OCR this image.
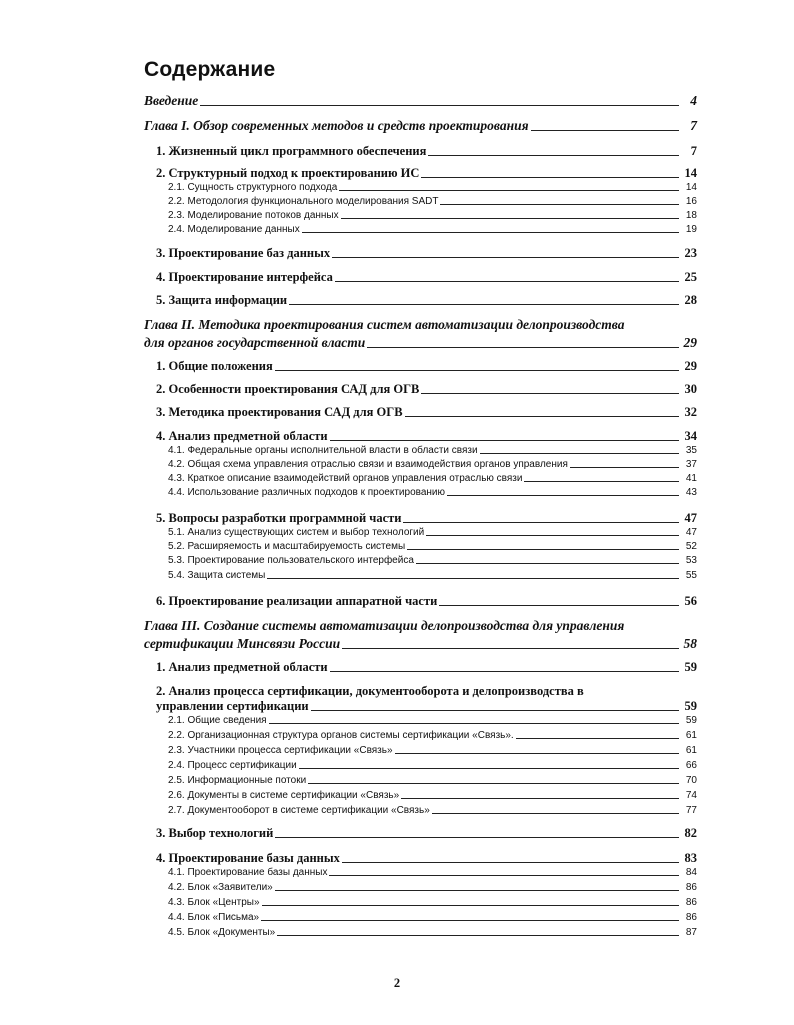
Содержание
Введение	4
Глава I. Обзор современных методов и средств проектирования	7
1. Жизненный цикл программного обеспечения	7
2. Структурный подход к проектированию ИС	14
2.1. Сущность структурного подхода	14
2.2. Методология функционального моделирования SADT	16
2.3. Моделирование потоков данных	18
2.4. Моделирование данных	19
3. Проектирование баз данных	23
4. Проектирование интерфейса	25
5. Защита информации	28
Глава II. Методика проектирования систем автоматизации делопроизводства
для органов государственной власти	29
1. Общие положения	29
2. Особенности проектирования САД для ОГВ	30
3. Методика проектирования САД для ОГВ	32
4. Анализ предметной области	34
4.1. Федеральные органы исполнительной власти в области связи	35
4.2. Общая схема управления отраслью связи и взаимодействия органов управления	37
4.3. Краткое описание взаимодействий органов управления отраслью связи	41
4.4. Использование различных подходов к проектированию	43
5. Вопросы разработки программной части	47
5.1. Анализ существующих систем и выбор технологий	47
5.2. Расширяемость и масштабируемость системы	52
5.3. Проектирование пользовательского интерфейса	53
5.4. Защита системы	55
6. Проектирование реализации аппаратной части	56
Глава III. Создание системы автоматизации делопроизводства для управления
сертификации Минсвязи России	58
1. Анализ предметной области	59
2. Анализ процесса сертификации, документооборота и делопроизводства в
управлении сертификации	59
2.1. Общие сведения	59
2.2. Организационная структура органов системы сертификации «Связь».	61
2.3. Участники процесса сертификации «Связь»	61
2.4. Процесс сертификации	66
2.5. Информационные потоки	70
2.6. Документы в системе сертификации «Связь»	74
2.7. Документооборот в системе сертификации «Связь»	77
3. Выбор технологий	82
4. Проектирование базы данных	83
4.1. Проектирование базы данных	84
4.2. Блок «Заявители»	86
4.3. Блок «Центры»	86
4.4. Блок «Письма»	86
4.5. Блок «Документы»	87
2
